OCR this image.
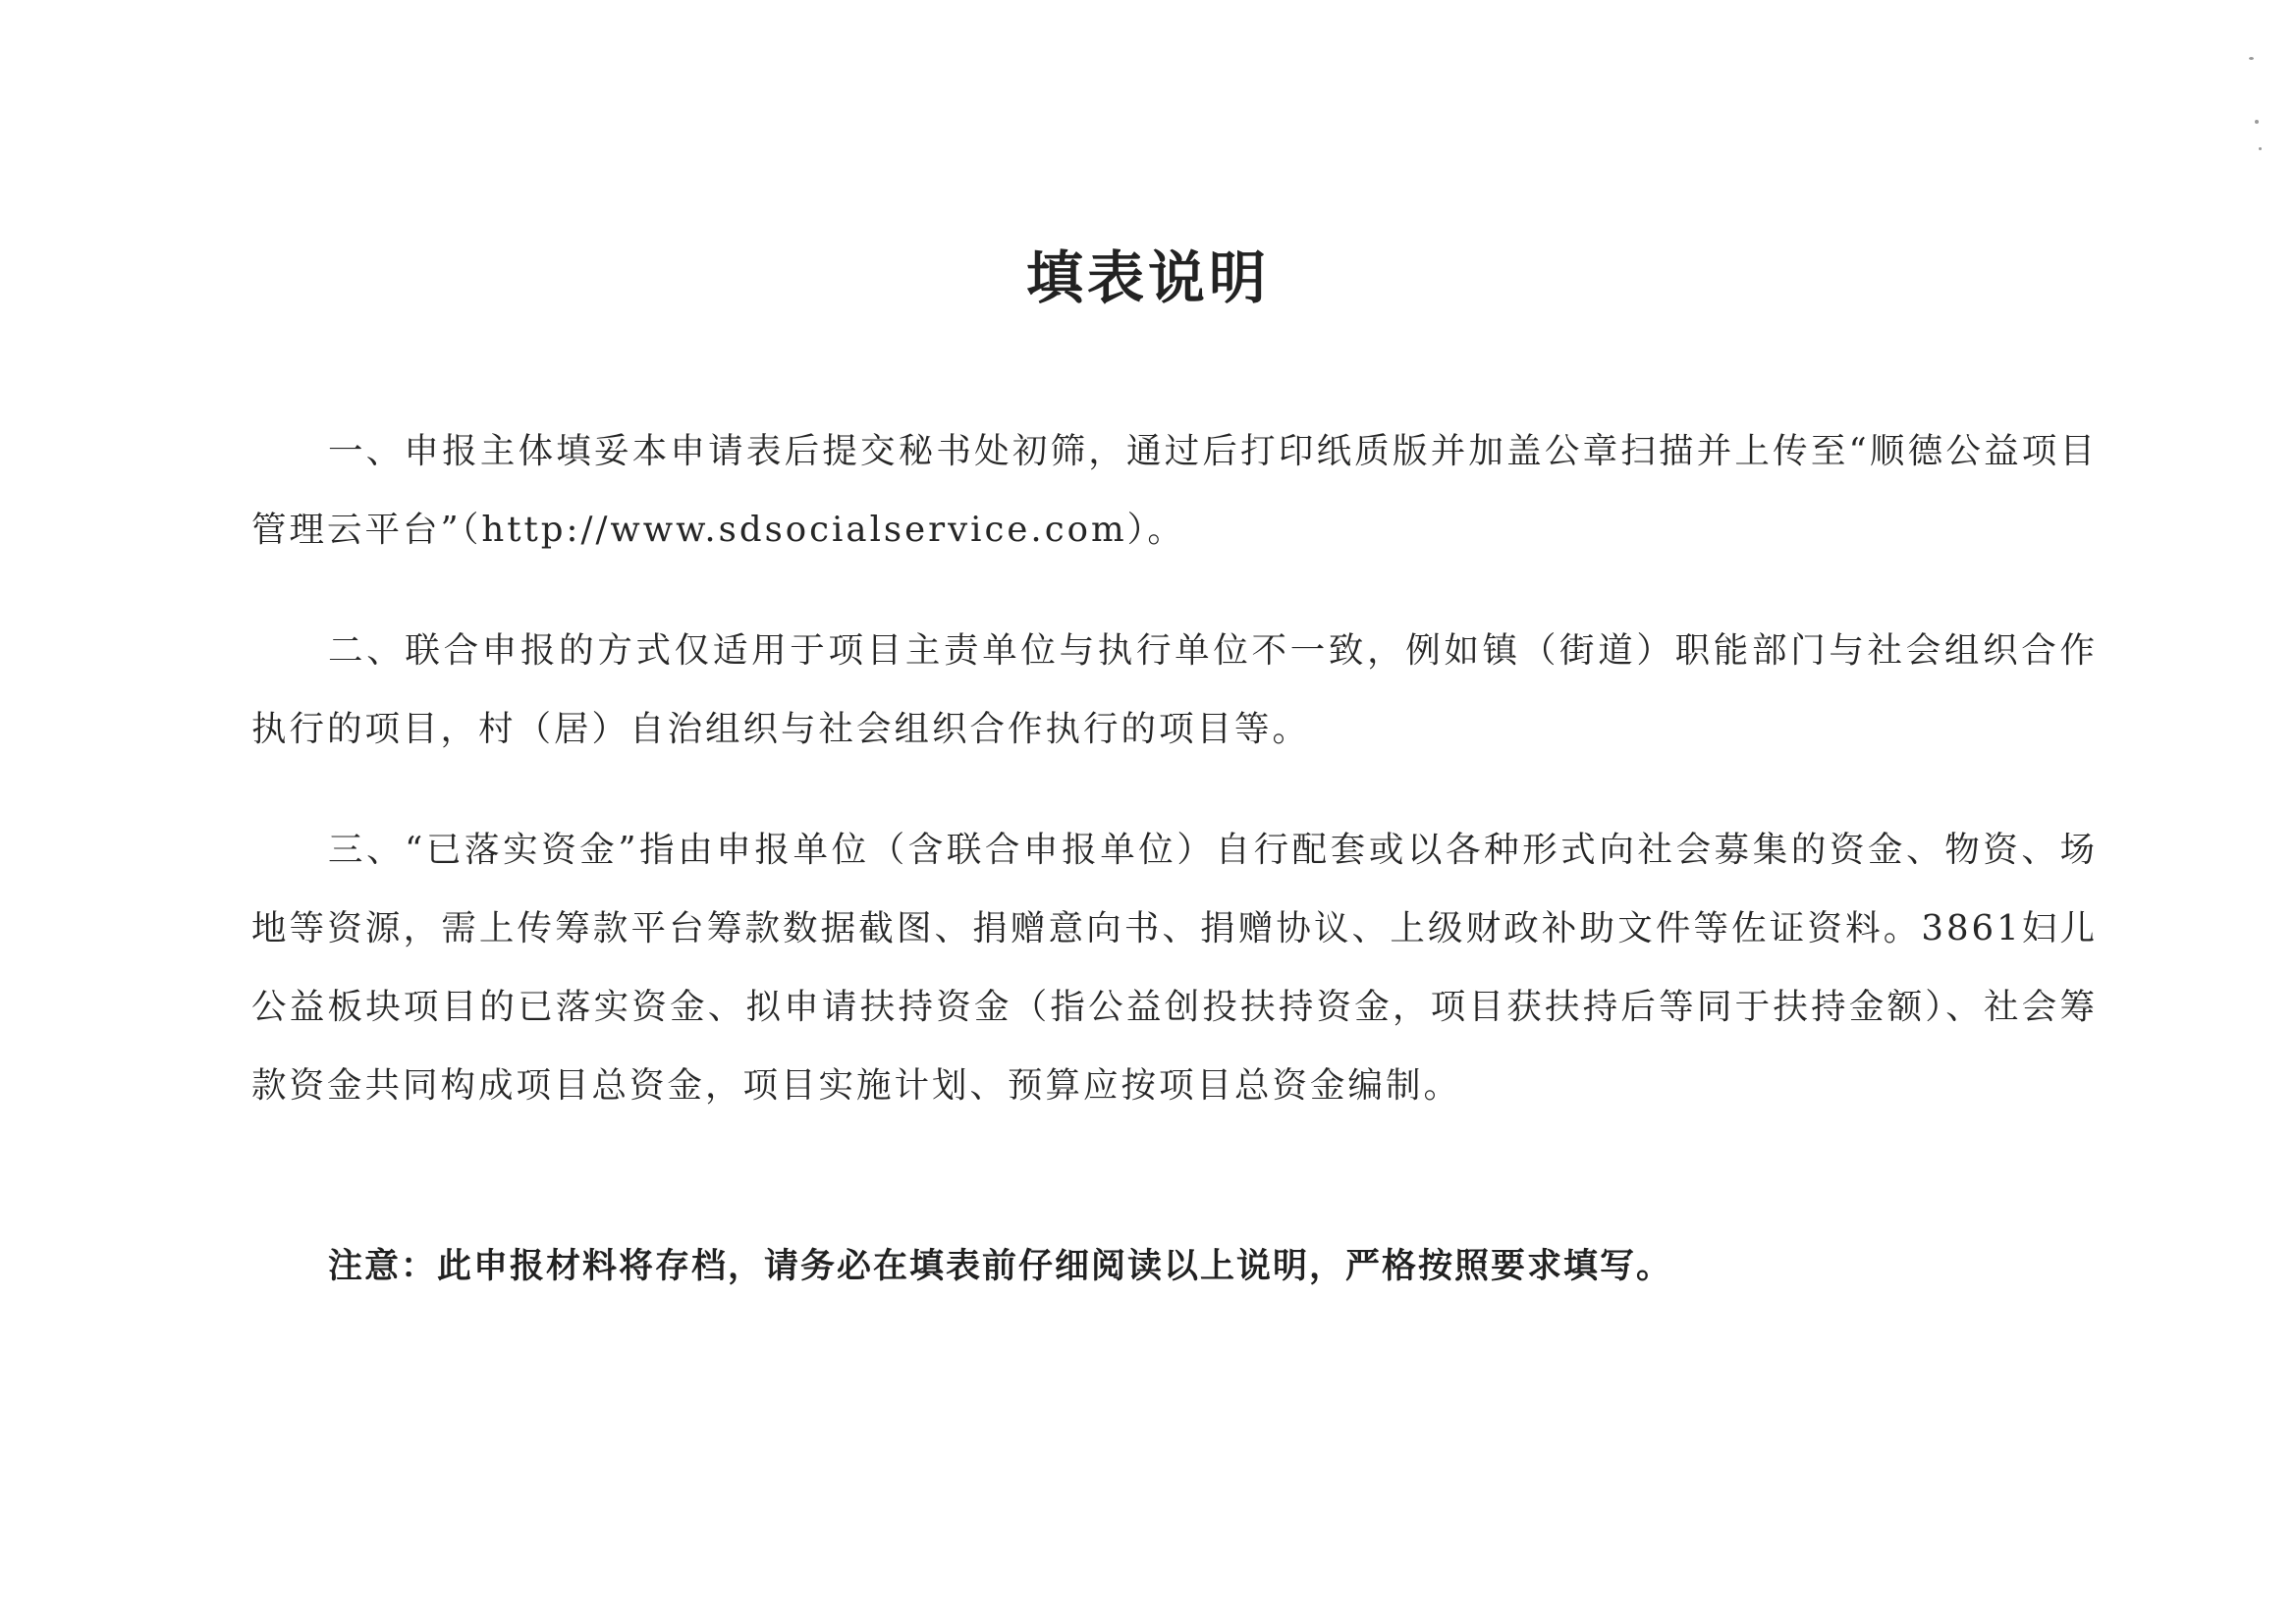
填表说明

一、申报主体填妥本申请表后提交秘书处初筛，通过后打印纸质版并加盖公章扫描并上传至“顺德公益项目管理云平台”（http://www.sdsocialservice.com）。

二、联合申报的方式仅适用于项目主责单位与执行单位不一致，例如镇（街道）职能部门与社会组织合作执行的项目，村（居）自治组织与社会组织合作执行的项目等。

三、“已落实资金”指由申报单位（含联合申报单位）自行配套或以各种形式向社会募集的资金、物资、场地等资源，需上传筹款平台筹款数据截图、捐赠意向书、捐赠协议、上级财政补助文件等佐证资料。3861妇儿公益板块项目的已落实资金、拟申请扶持资金（指公益创投扶持资金，项目获扶持后等同于扶持金额）、社会筹款资金共同构成项目总资金，项目实施计划、预算应按项目总资金编制。

注意：此申报材料将存档，请务必在填表前仔细阅读以上说明，严格按照要求填写。
